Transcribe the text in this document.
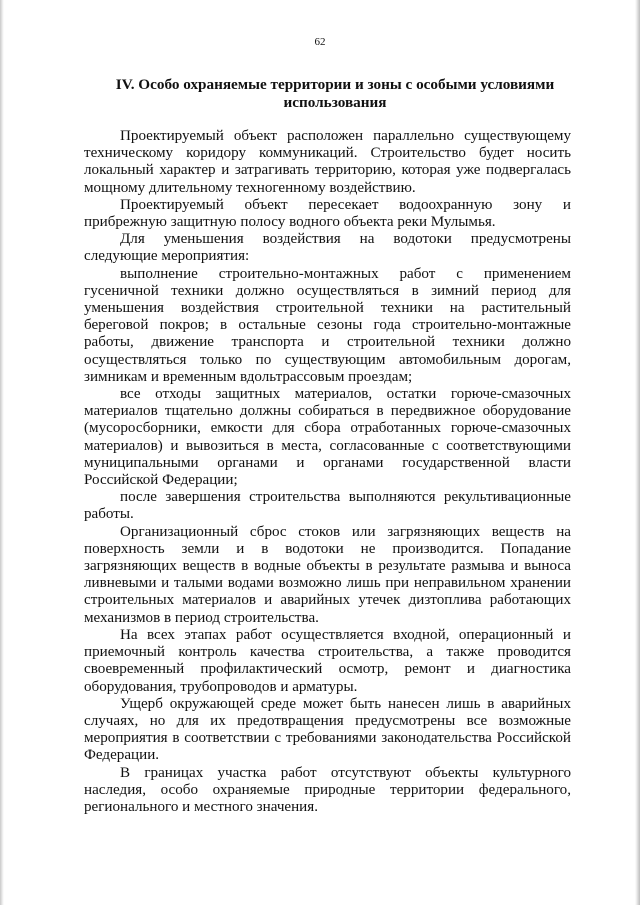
62
IV. Особо охраняемые территории и зоны с особыми условиями использования

Проектируемый объект расположен параллельно существующему техническому коридору коммуникаций. Строительство будет носить локальный характер и затрагивать территорию, которая уже подвергалась мощному длительному техногенному воздействию.

Проектируемый объект пересекает водоохранную зону и прибрежную защитную полосу водного объекта реки Мулымья.

Для уменьшения воздействия на водотоки предусмотрены следующие мероприятия:

выполнение строительно-монтажных работ с применением гусеничной техники должно осуществляться в зимний период для уменьшения воздействия строительной техники на растительный береговой покров; в остальные сезоны года строительно-монтажные работы, движение транспорта и строительной техники должно осуществляться только по существующим автомобильным дорогам, зимникам и временным вдольтрассовым проездам;

все отходы защитных материалов, остатки горюче-смазочных материалов тщательно должны собираться в передвижное оборудование (мусоросборники, емкости для сбора отработанных горюче-смазочных материалов) и вывозиться в места, согласованные с соответствующими муниципальными органами и органами государственной власти Российской Федерации;

после завершения строительства выполняются рекультивационные работы.

Организационный сброс стоков или загрязняющих веществ на поверхность земли и в водотоки не производится. Попадание загрязняющих веществ в водные объекты в результате размыва и выноса ливневыми и талыми водами возможно лишь при неправильном хранении строительных материалов и аварийных утечек дизтоплива работающих механизмов в период строительства.

На всех этапах работ осуществляется входной, операционный и приемочный контроль качества строительства, а также проводится своевременный профилактический осмотр, ремонт и диагностика оборудования, трубопроводов и арматуры.

Ущерб окружающей среде может быть нанесен лишь в аварийных случаях, но для их предотвращения предусмотрены все возможные мероприятия в соответствии с требованиями законодательства Российской Федерации.

В границах участка работ отсутствуют объекты культурного наследия, особо охраняемые природные территории федерального, регионального и местного значения.
